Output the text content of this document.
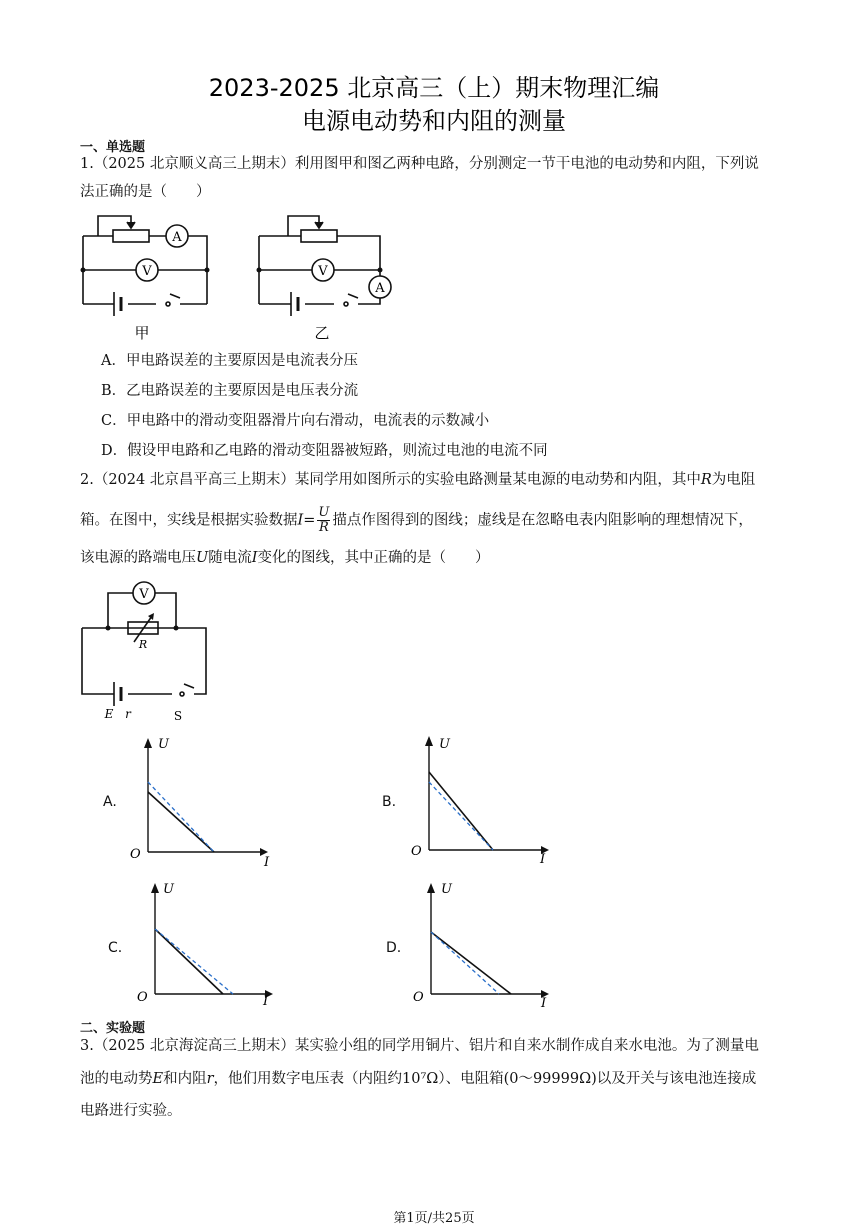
2023-2025 北京高三（上）期末物理汇编
电源电动势和内阻的测量
一、单选题
1.（2025 北京顺义高三上期末）利用图甲和图乙两种电路，分别测定一节干电池的电动势和内阻，下列说
法正确的是（　　）
A
V	V
A
甲	乙
A．甲电路误差的主要原因是电流表分压
B．乙电路误差的主要原因是电压表分流
C．甲电路中的滑动变阻器滑片向右滑动，电流表的示数减小
D．假设甲电路和乙电路的滑动变阻器被短路，则流过电池的电流不同
2.（2024 北京昌平高三上期末）某同学用如图所示的实验电路测量某电源的电动势和内阻，其中R为电阻
箱。在图中，实线是根据实验数据$I= \frac{U}{R}$ 描点作图得到的图线；虚线是在忽略电表内阻影响的理想情况下，
该电源的路端电压U随电流I变化的图线，其中正确的是（　　）
V
R
E r	S
A.
U
I
O
B.
U
I
O
C.
U
I
O
D.
U
I
O
二、实验题
3.（2025 北京海淀高三上期末）某实验小组的同学用铜片、铝片和自来水制作成自来水电池。为了测量电
池的电动势E和内阻r，他们用数字电压表（内阻约10⁷Ω）、电阻箱(0～99999Ω)以及开关与该电池连接成
电路进行实验。
第1页/共25页
